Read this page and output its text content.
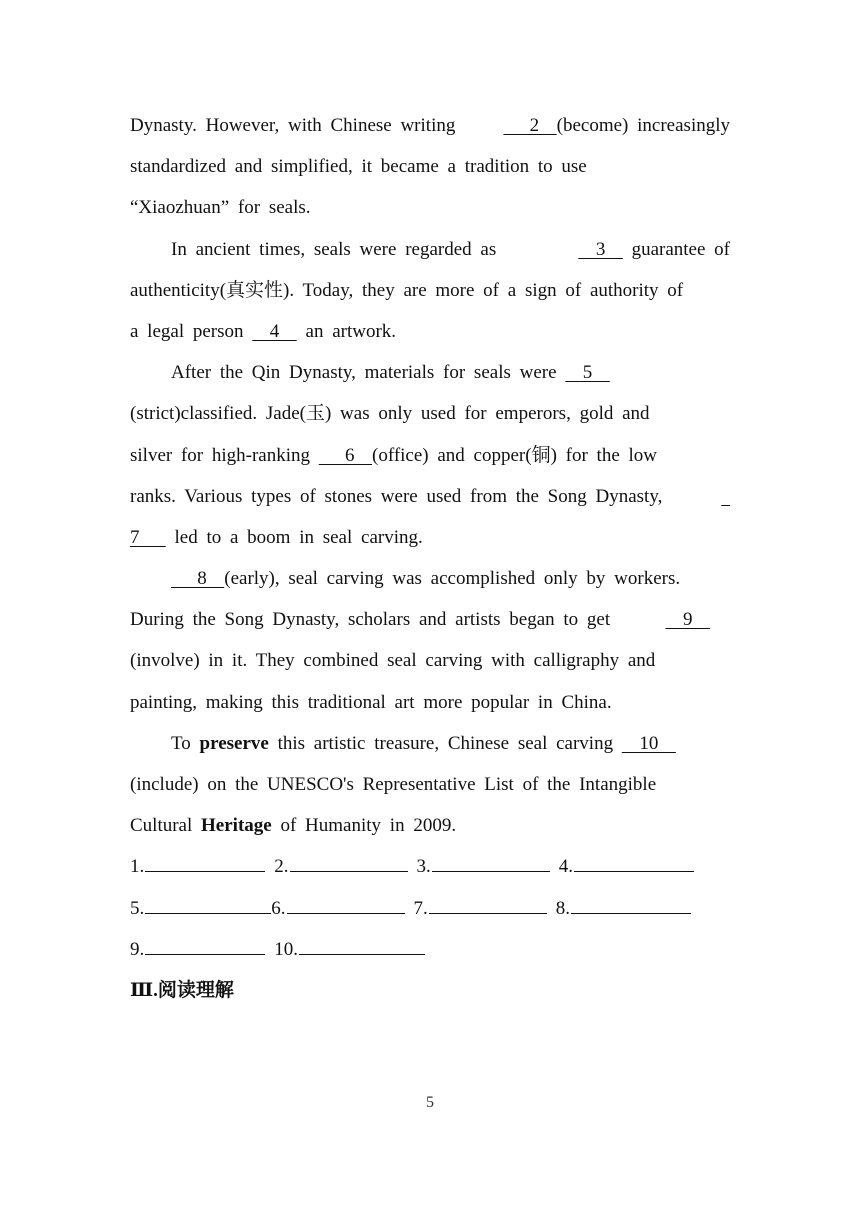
Dynasty. However, with Chinese writing	2  (become) increasingly
standardized and simplified, it became a tradition to use
“Xiaozhuan” for seals.
In ancient times, seals were regarded as	3   guarantee of
authenticity(真实性). Today, they are more of a sign of authority of
a legal person 4 an artwork.
After the Qin Dynasty, materials for seals were 5
(strict)classified. Jade(玉) was only used for emperors, gold and
silver for high-ranking 6 (office) and copper(铜) for the low
ranks. Various types of stones were used from the Song Dynasty,

7 led to a boom in seal carving.
8 (early), seal carving was accomplished only by workers.
During the Song Dynasty, scholars and artists began to get	9
(involve) in it. They combined seal carving with calligraphy and
painting, making this traditional art more popular in China.
To preserve this artistic treasure, Chinese seal carving 10
(include) on the UNESCO's Representative List of the Intangible
Cultural Heritage of Humanity in 2009.
1.	2.	3.	4.
5.	6.	7.	8.
9.	10.
Ⅲ.阅读理解
5
